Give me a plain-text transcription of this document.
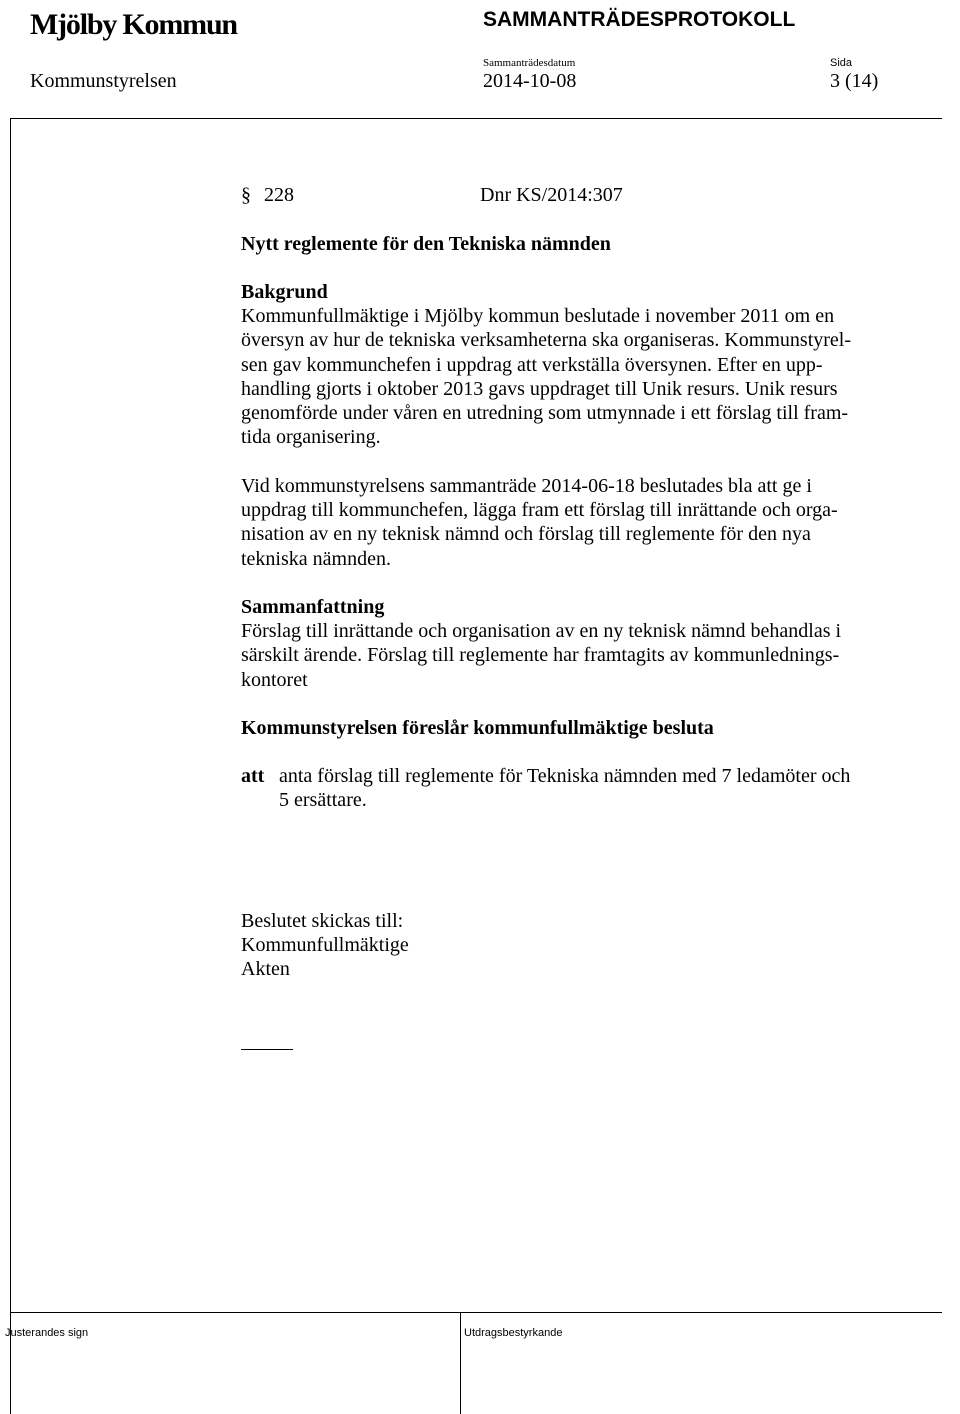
Mjölby Kommun	SAMMANTRÄDESPROTOKOLL
Sammanträdesdatum	Sida
Kommunstyrelsen	2014-10-08	3 (14)
§ 228	Dnr KS/2014:307
Nytt reglemente för den Tekniska nämnden
Bakgrund
Kommunfullmäktige i Mjölby kommun beslutade i november 2011 om en
översyn av hur de tekniska verksamheterna ska organiseras. Kommunstyrel-
sen gav kommunchefen i uppdrag att verkställa översynen. Efter en upp-
handling gjorts i oktober 2013 gavs uppdraget till Unik resurs. Unik resurs
genomförde under våren en utredning som utmynnade i ett förslag till fram-
tida organisering.
Vid kommunstyrelsens sammanträde 2014-06-18 beslutades bla att ge i
uppdrag till kommunchefen, lägga fram ett förslag till inrättande och orga-
nisation av en ny teknisk nämnd och förslag till reglemente för den nya
tekniska nämnden.
Sammanfattning
Förslag till inrättande och organisation av en ny teknisk nämnd behandlas i
särskilt ärende. Förslag till reglemente har framtagits av kommunlednings-
kontoret
Kommunstyrelsen föreslår kommunfullmäktige besluta
att anta förslag till reglemente för Tekniska nämnden med 7 ledamöter och
5 ersättare.
Beslutet skickas till:
Kommunfullmäktige
Akten
Justerandes sign	Utdragsbestyrkande
